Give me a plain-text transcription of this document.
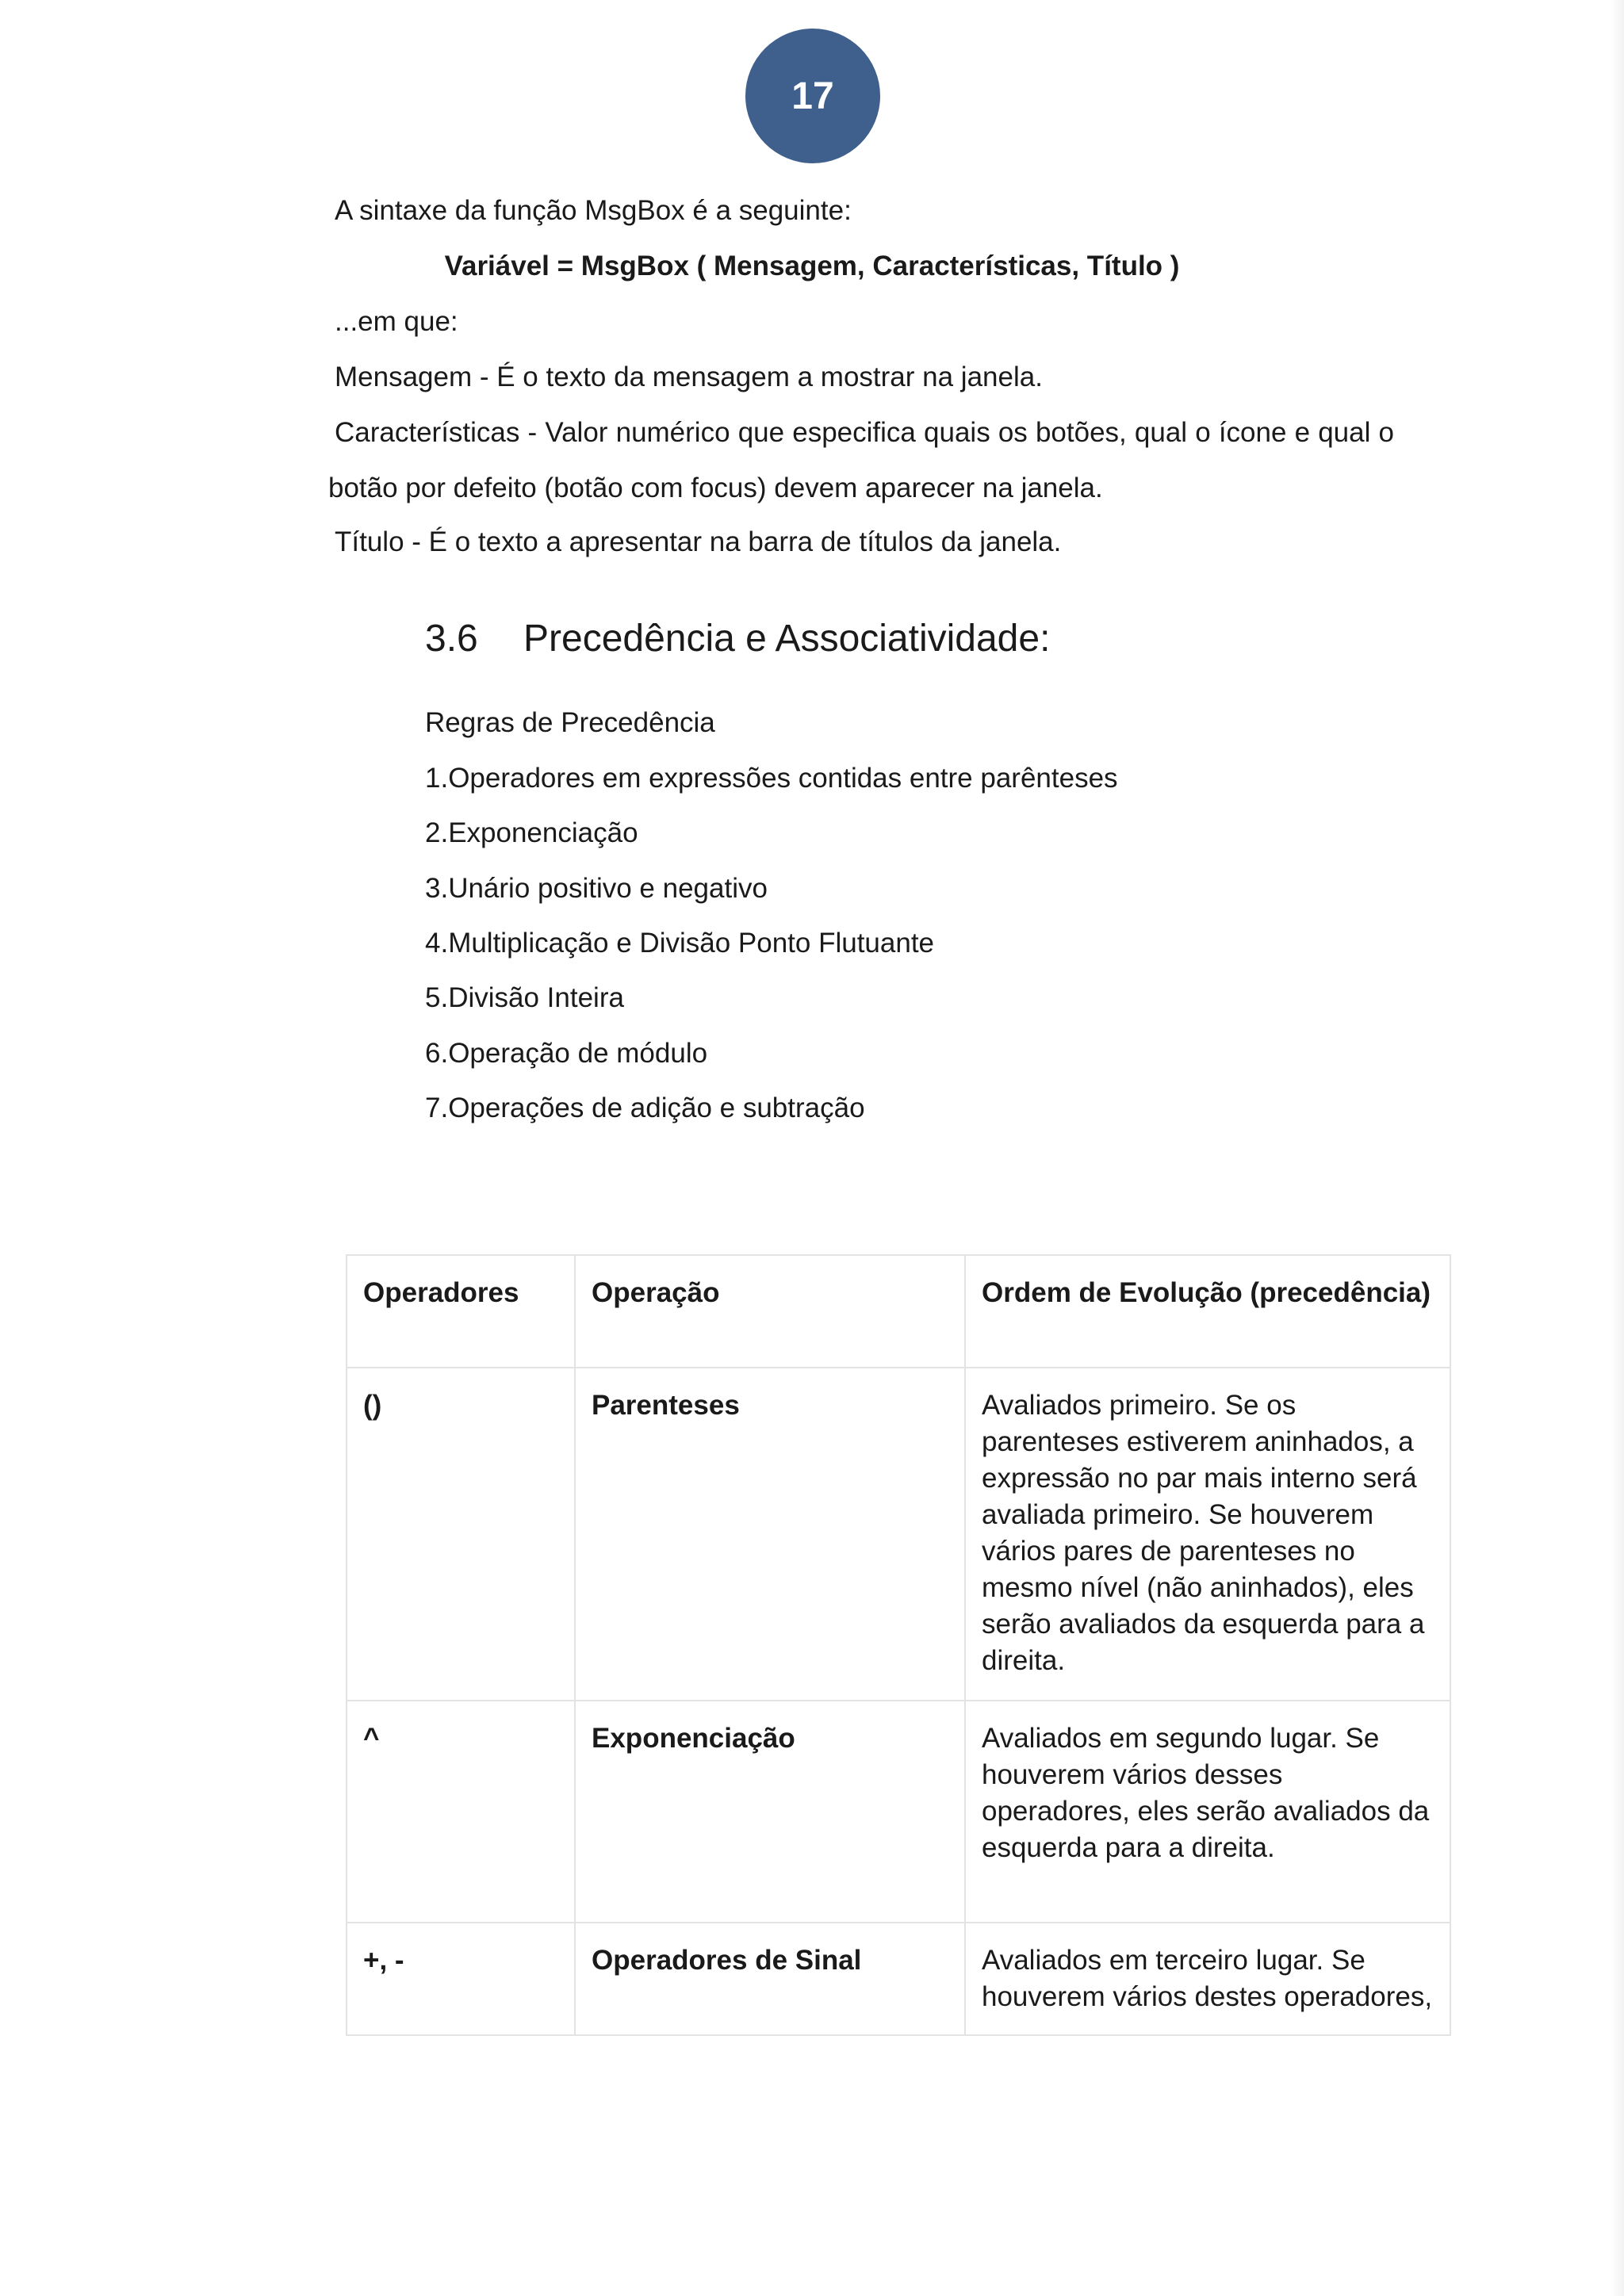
17
A sintaxe da função MsgBox é a seguinte:
Variável = MsgBox ( Mensagem, Características, Título )
...em que:
Mensagem - É o texto da mensagem a mostrar na janela.
Características - Valor numérico que especifica quais os botões, qual o ícone e qual o
botão por defeito (botão com focus) devem aparecer na janela.
Título - É o texto a apresentar na barra de títulos da janela.
3.6 Precedência e Associatividade:
Regras de Precedência
1.Operadores em expressões contidas entre parênteses
2.Exponenciação
3.Unário positivo e negativo
4.Multiplicação e Divisão Ponto Flutuante
5.Divisão Inteira
6.Operação de módulo
7.Operações de adição e subtração
Operadores	Operação	Ordem de Evolução (precedência)
()	Parenteses	Avaliados primeiro. Se os parenteses estiverem aninhados, a expressão no par mais interno será avaliada primeiro. Se houverem vários pares de parenteses no mesmo nível (não aninhados), eles serão avaliados da esquerda para a direita.
^	Exponenciação	Avaliados em segundo lugar. Se houverem vários desses operadores, eles serão avaliados da esquerda para a direita.
+, -	Operadores de Sinal	Avaliados em terceiro lugar. Se houverem vários destes operadores,
